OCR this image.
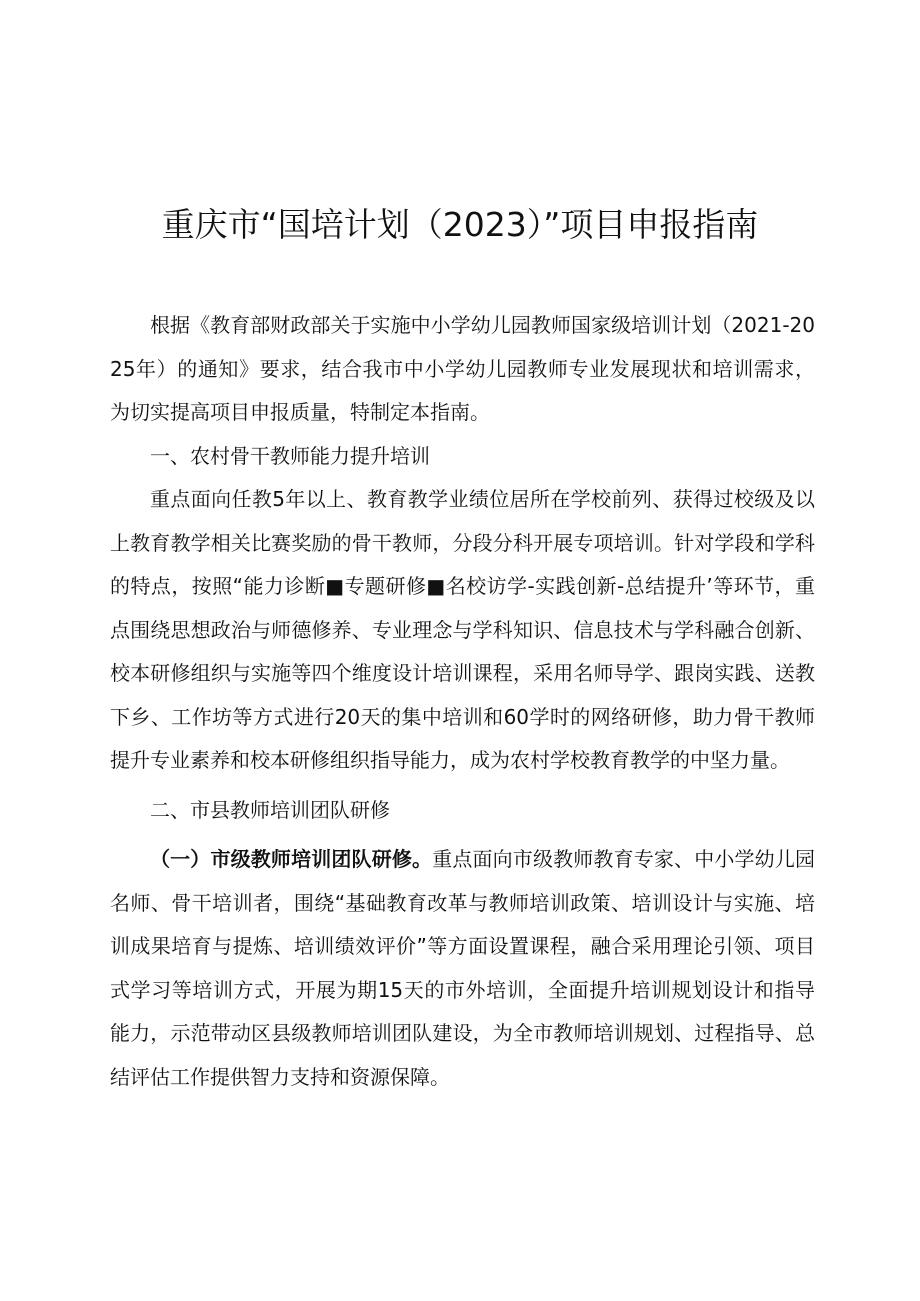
重庆市“国培计划（2023）”项目申报指南

根据《教育部财政部关于实施中小学幼儿园教师国家级培训计划（2021-2025年）的通知》要求，结合我市中小学幼儿园教师专业发展现状和培训需求，为切实提高项目申报质量，特制定本指南。

一、农村骨干教师能力提升培训

重点面向任教5年以上、教育教学业绩位居所在学校前列、获得过校级及以上教育教学相关比赛奖励的骨干教师，分段分科开展专项培训。针对学段和学科的特点，按照“能力诊断■专题研修■名校访学-实践创新-总结提升’等环节，重点围绕思想政治与师德修养、专业理念与学科知识、信息技术与学科融合创新、校本研修组织与实施等四个维度设计培训课程，采用名师导学、跟岗实践、送教下乡、工作坊等方式进行20天的集中培训和60学时的网络研修，助力骨干教师提升专业素养和校本研修组织指导能力，成为农村学校教育教学的中坚力量。

二、市县教师培训团队研修

（一）市级教师培训团队研修。重点面向市级教师教育专家、中小学幼儿园名师、骨干培训者，围绕“基础教育改革与教师培训政策、培训设计与实施、培训成果培育与提炼、培训绩效评价”等方面设置课程，融合采用理论引领、项目式学习等培训方式，开展为期15天的市外培训，全面提升培训规划设计和指导能力，示范带动区县级教师培训团队建设，为全市教师培训规划、过程指导、总结评估工作提供智力支持和资源保障。
